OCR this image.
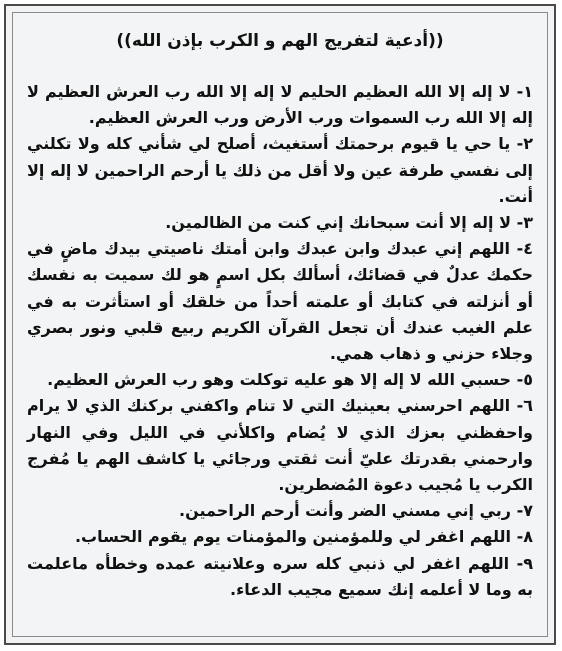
((أدعية لتفريج الهم و الكرب بإذن الله))

١- لا إله إلا الله العظيم الحليم لا إله إلا الله رب العرش العظيم لا إله إلا الله رب السموات ورب الأرض ورب العرش العظيم.

٢- يا حي يا قيوم برحمتك أستغيث، أصلح لي شأني كله ولا تكلني إلى نفسي طرفة عين ولا أقل من ذلك يا أرحم الراحمين لا إله إلا أنت.

٣- لا إله إلا أنت سبحانك إني كنت من الظالمين.

٤- اللهم إني عبدك وابن عبدك وابن أمتك ناصيتي بيدك ماضٍ في حكمك عدلٌ في قضائك، أسألك بكل اسمٍ هو لك سميت به نفسك أو أنزلته في كتابك أو علمته أحداً من خلقك أو استأثرت به في علم الغيب عندك أن تجعل القرآن الكريم ربيع قلبي ونور بصري وجلاء حزني و ذهاب همي.

٥- حسبي الله لا إله إلا هو عليه توكلت وهو رب العرش العظيم.

٦- اللهم احرسني بعينيك التي لا تنام واكفني بركنك الذي لا يرام واحفظني بعزك الذي لا يُضام واكلأني في الليل وفي النهار وارحمني بقدرتك عليّ أنت ثقتي ورجائي يا كاشف الهم يا مُفرج الكرب يا مُجيب دعوة المُضطرين.

٧- ربي إني مسني الضر وأنت أرحم الراحمين.

٨- اللهم اغفر لي وللمؤمنين والمؤمنات يوم يقوم الحساب.

٩- اللهم اغفر لي ذنبي كله سره وعلانيته عمده وخطأه ماعلمت به وما لا أعلمه إنك سميع مجيب الدعاء.
